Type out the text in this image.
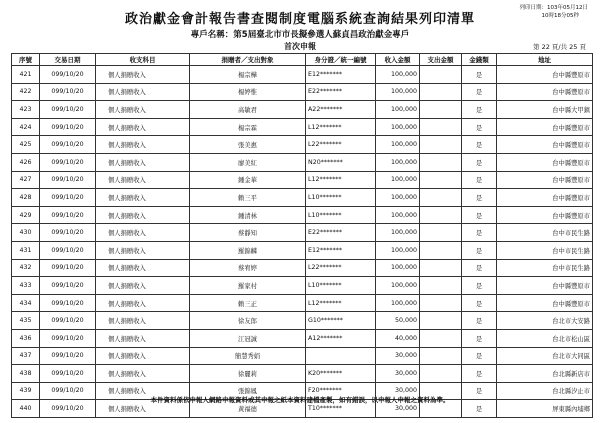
政治獻金會計報告書查閱制度電腦系統查詢結果列印清單
專戶名稱：第5屆臺北市市長擬參選人蘇貞昌政治獻金專戶
首次申報
列印日期：103年05月12日
10時18分05秒
第 22 頁/共 25 頁
序號	交易日期	收支科目	捐贈者／支出對象	身分證／統一編號	收入金額	支出金額	金錢類	地址
421	099/10/20	個人捐贈收入	楊宗樺	E12*******	100,000		是	台中縣豐原市
422	099/10/20	個人捐贈收入	楊婷惟	E22*******	100,000		是	台中縣豐原市
423	099/10/20	個人捐贈收入	高敏君	A22*******	100,000		是	台中縣大甲鎮
424	099/10/20	個人捐贈收入	楊宗霖	L12*******	100,000		是	台中縣豐原市
425	099/10/20	個人捐贈收入	張美惠	L22*******	100,000		是	台中縣豐原市
426	099/10/20	個人捐贈收入	廖美紅	N20*******	100,000		是	台中縣豐原市
427	099/10/20	個人捐贈收入	鍾金華	L12*******	100,000		是	台中縣豐原市
428	099/10/20	個人捐贈收入	賴三平	L10*******	100,000		是	台中縣豐原市
429	099/10/20	個人捐贈收入	鍾清林	L10*******	100,000		是	台中縣豐原市
430	099/10/20	個人捐贈收入	蔡靜知	E22*******	100,000		是	台中市民生路
431	099/10/20	個人捐贈收入	羅錦麟	E12*******	100,000		是	台中市民生路
432	099/10/20	個人捐贈收入	蔡宥婷	L22*******	100,000		是	台中市民生路
433	099/10/20	個人捐贈收入	羅家村	L10*******	100,000		是	台中縣豐原市
434	099/10/20	個人捐贈收入	賴三正	L12*******	100,000		是	台中縣豐原市
435	099/10/20	個人捐贈收入	徐友郎	G10*******	50,000		是	台北市大安路
436	099/10/20	個人捐贈收入	江冠誠	A12*******	40,000		是	台北市松山區
437	099/10/20	個人捐贈收入	簡慧秀娟		30,000		是	台北市大同區
438	099/10/20	個人捐贈收入	徐麗莉	K20*******	30,000		是	台北縣新店市
439	099/10/20	個人捐贈收入	張錦鳳	F20*******	30,000		是	台北縣汐止市
440	099/10/20	個人捐贈收入	黃福德	T10*******	30,000		是	屏東縣內埔鄉
本件資料係依申報人網路申報資料或其申報之紙本資料建檔產製，如有錯誤，以申報人申報之資料為準。
